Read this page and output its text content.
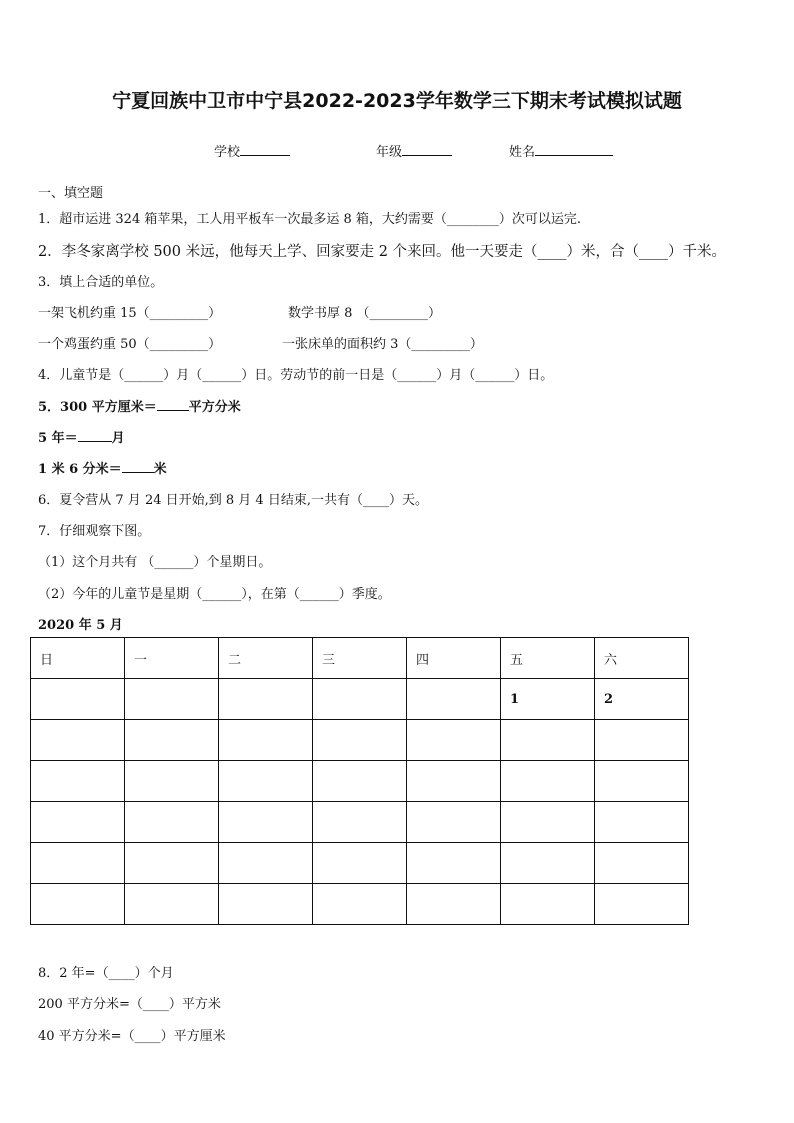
宁夏回族中卫市中宁县2022-2023学年数学三下期末考试模拟试题
学校	年级	姓名
一、填空题
1．超市运进 324 箱苹果，工人用平板车一次最多运 8 箱，大约需要（________）次可以运完.
2．李冬家离学校 500 米远，他每天上学、回家要走 2 个来回。他一天要走（____）米，合（____）千米。
3．填上合适的单位。
一架飞机约重 15（_________）	数学书厚 8 （_________）
一个鸡蛋约重 50（_________）	一张床单的面积约 3（_________）
4．儿童节是（______）月（______）日。劳动节的前一日是（______）月（______）日。
5．300 平方厘米＝ 平方分米
5 年＝	月
1 米 6 分米＝ 米
6．夏令营从 7 月 24 日开始,到 8 月 4 日结束,一共有（____）天。
7．仔细观察下图。
（1）这个月共有 （______）个星期日。
（2）今年的儿童节是星期（______），在第（______）季度。
2020 年 5 月
日	一	二	三	四	五	六
					1	2

8．2 年=（____）个月
200 平方分米=（____）平方米
40 平方分米=（____）平方厘米
